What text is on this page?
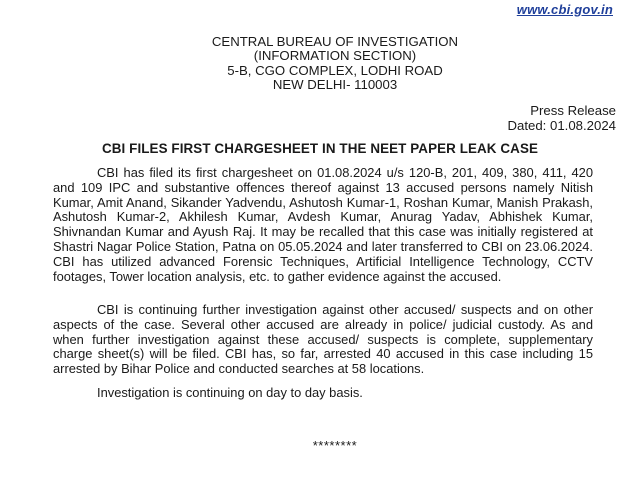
www.cbi.gov.in
CENTRAL BUREAU OF INVESTIGATION
(INFORMATION SECTION)
5-B, CGO COMPLEX, LODHI ROAD
NEW DELHI- 110003
Press Release
Dated: 01.08.2024
CBI FILES FIRST CHARGESHEET IN THE NEET PAPER LEAK CASE
CBI has filed its first chargesheet on 01.08.2024 u/s 120-B, 201, 409, 380, 411, 420 and 109 IPC and substantive offences thereof against 13 accused persons namely Nitish Kumar, Amit Anand, Sikander Yadvendu, Ashutosh Kumar-1, Roshan Kumar, Manish Prakash, Ashutosh Kumar-2, Akhilesh Kumar, Avdesh Kumar, Anurag Yadav, Abhishek Kumar, Shivnandan Kumar and Ayush Raj. It may be recalled that this case was initially registered at Shastri Nagar Police Station, Patna on 05.05.2024 and later transferred to CBI on 23.06.2024. CBI has utilized advanced Forensic Techniques, Artificial Intelligence Technology, CCTV footages, Tower location analysis, etc. to gather evidence against the accused.
CBI is continuing further investigation against other accused/ suspects and on other aspects of the case. Several other accused are already in police/ judicial custody. As and when further investigation against these accused/ suspects is complete, supplementary charge sheet(s) will be filed. CBI has, so far, arrested 40 accused in this case including 15 arrested by Bihar Police and conducted searches at 58 locations.
Investigation is continuing on day to day basis.
********
